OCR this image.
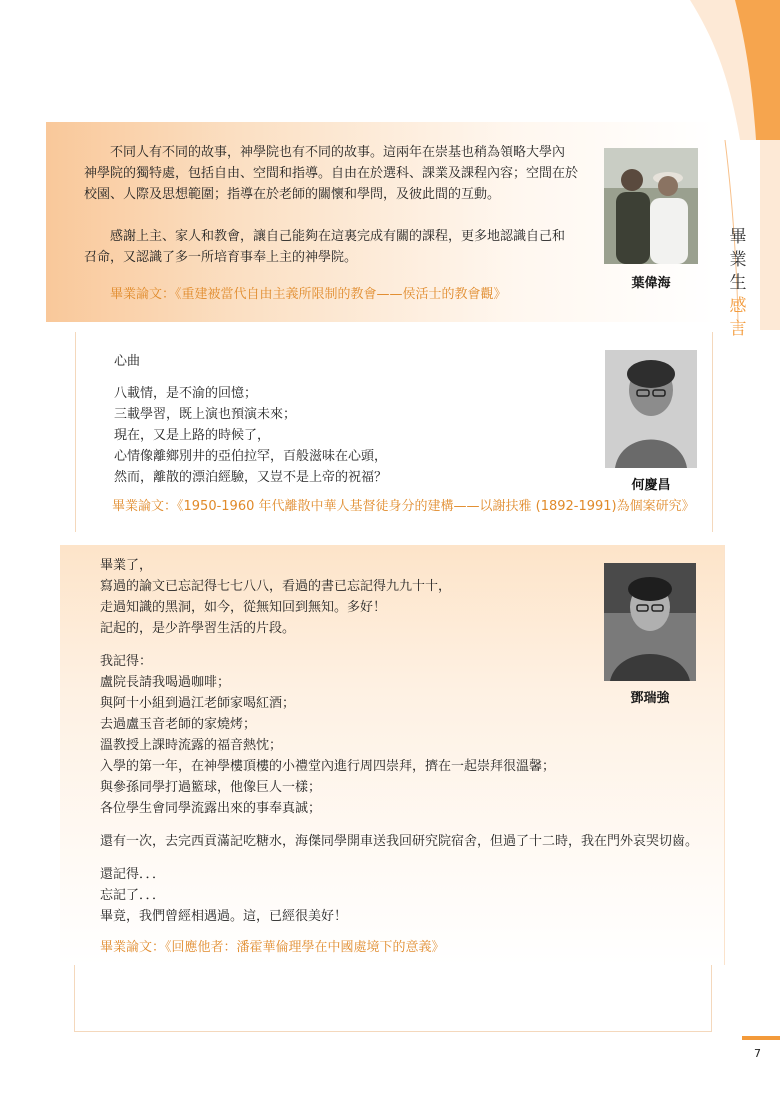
畢
業
生
感
言
不同人有不同的故事，神學院也有不同的故事。這兩年在崇基也稍為領略大學內
神學院的獨特處，包括自由、空間和指導。自由在於選科、課業及課程內容；空間在於
校園、人際及思想範圍；指導在於老師的關懷和學問，及彼此間的互動。
感謝上主、家人和教會，讓自己能夠在這裏完成有關的課程，更多地認識自己和
召命，又認識了多一所培育事奉上主的神學院。
畢業論文：《重建被當代自由主義所限制的教會——侯活士的教會觀》
葉偉海
心曲
八載情，是不渝的回憶；
三載學習，既上演也預演未來；
現在，又是上路的時候了，
心情像離鄉別井的亞伯拉罕，百般滋味在心頭，
然而，離散的漂泊經驗，又豈不是上帝的祝福？
畢業論文：《1950-1960 年代離散中華人基督徒身分的建構——以謝扶雅 (1892-1991)為個案研究》
何慶昌
畢業了，
寫過的論文已忘記得七七八八，看過的書已忘記得九九十十，
走過知識的黑洞，如今，從無知回到無知。多好！
記起的，是少許學習生活的片段。
我記得：
盧院長請我喝過咖啡；
與阿十小組到過江老師家喝紅酒；
去過盧玉音老師的家燒烤；
溫教授上課時流露的福音熱忱；
入學的第一年，在神學樓頂樓的小禮堂內進行周四崇拜，擠在一起崇拜很溫馨；
與參孫同學打過籃球，他像巨人一樣；
各位學生會同學流露出來的事奉真誠；
還有一次，去完西貢滿記吃糖水，海傑同學開車送我回研究院宿舍，但過了十二時，我在門外哀哭切齒。
還記得．．．
忘記了．．．
畢竟，我們曾經相遇過。這，已經很美好！
畢業論文：《回應他者：潘霍華倫理學在中國處境下的意義》
鄧瑞強
7
